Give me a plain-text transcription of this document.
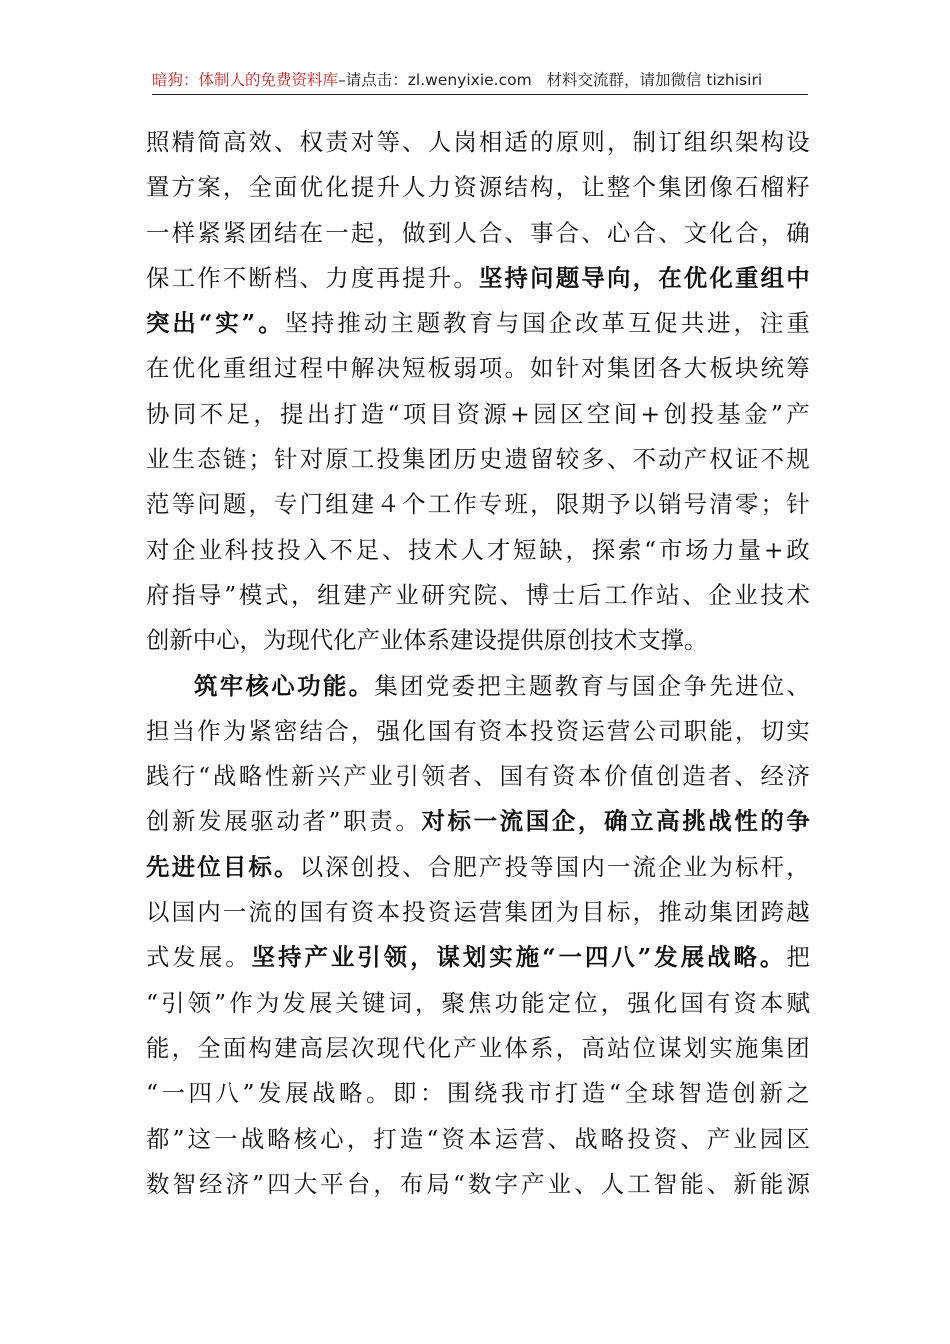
暗狗：体制人的免费资料库–请点击：zl.wenyixie.com 材料交流群，请加微信 tizhisiri
照 精 简 高 效 、 权 责 对 等 、 人 岗 相 适 的 原 则 ， 制 订 组 织 架 构 设
置 方 案 ， 全 面 优 化 提 升 人 力 资 源 结 构 ， 让 整 个 集 团 像 石 榴 籽
一 样 紧 紧 团 结 在 一 起 ， 做 到 人 合 、 事 合 、 心 合 、 文 化 合 ， 确
保 工 作 不 断 档 、 力 度 再 提 升 。 坚 持 问 题 导 向 ， 在 优 化 重 组 中
突 出 “ 实 ” 。 坚 持 推 动 主 题 教 育 与 国 企 改 革 互 促 共 进 ， 注 重
在 优 化 重 组 过 程 中 解 决 短 板 弱 项 。 如 针 对 集 团 各 大 板 块 统 筹
协 同 不 足 ， 提 出 打 造 “ 项 目 资 源 + 园 区 空 间 + 创 投 基 金 ” 产
业 生 态 链 ； 针 对 原 工 投 集 团 历 史 遗 留 较 多 、 不 动 产 权 证 不 规
范 等 问 题 ， 专 门 组 建 ４ 个 工 作 专 班 ， 限 期 予 以 销 号 清 零 ； 针
对 企 业 科 技 投 入 不 足 、 技 术 人 才 短 缺 ， 探 索 “ 市 场 力 量 + 政
府 指 导 ” 模 式 ， 组 建 产 业 研 究 院 、 博 士 后 工 作 站 、 企 业 技 术
创新中心，为现代化产业体系建设提供原创技术支撑。
筑 牢 核 心 功 能 。 集 团 党 委 把 主 题 教 育 与 国 企 争 先 进 位 、
担 当 作 为 紧 密 结 合 ， 强 化 国 有 资 本 投 资 运 营 公 司 职 能 ， 切 实
践 行 “ 战 略 性 新 兴 产 业 引 领 者 、 国 有 资 本 价 值 创 造 者 、 经 济
创 新 发 展 驱 动 者 ” 职 责 。 对 标 一 流 国 企 ， 确 立 高 挑 战 性 的 争
先 进 位 目 标 。 以 深 创 投 、 合 肥 产 投 等 国 内 一 流 企 业 为 标 杆 ，
以 国 内 一 流 的 国 有 资 本 投 资 运 营 集 团 为 目 标 ， 推 动 集 团 跨 越
式 发 展 。 坚 持 产 业 引 领 ， 谋 划 实 施 “ 一 四 八 ” 发 展 战 略 。 把
“ 引 领 ” 作 为 发 展 关 键 词 ， 聚 焦 功 能 定 位 ， 强 化 国 有 资 本 赋
能 ， 全 面 构 建 高 层 次 现 代 化 产 业 体 系 ， 高 站 位 谋 划 实 施 集 团
“ 一 四 八 ” 发 展 战 略 。 即 ： 围 绕 我 市 打 造 “ 全 球 智 造 创 新 之
都 ” 这 一 战 略 核 心 ， 打 造 “ 资 本 运 营 、 战 略 投 资 、 产 业 园 区
数 智 经 济 ” 四 大 平 台 ， 布 局 “ 数 字 产 业 、 人 工 智 能 、 新 能 源
